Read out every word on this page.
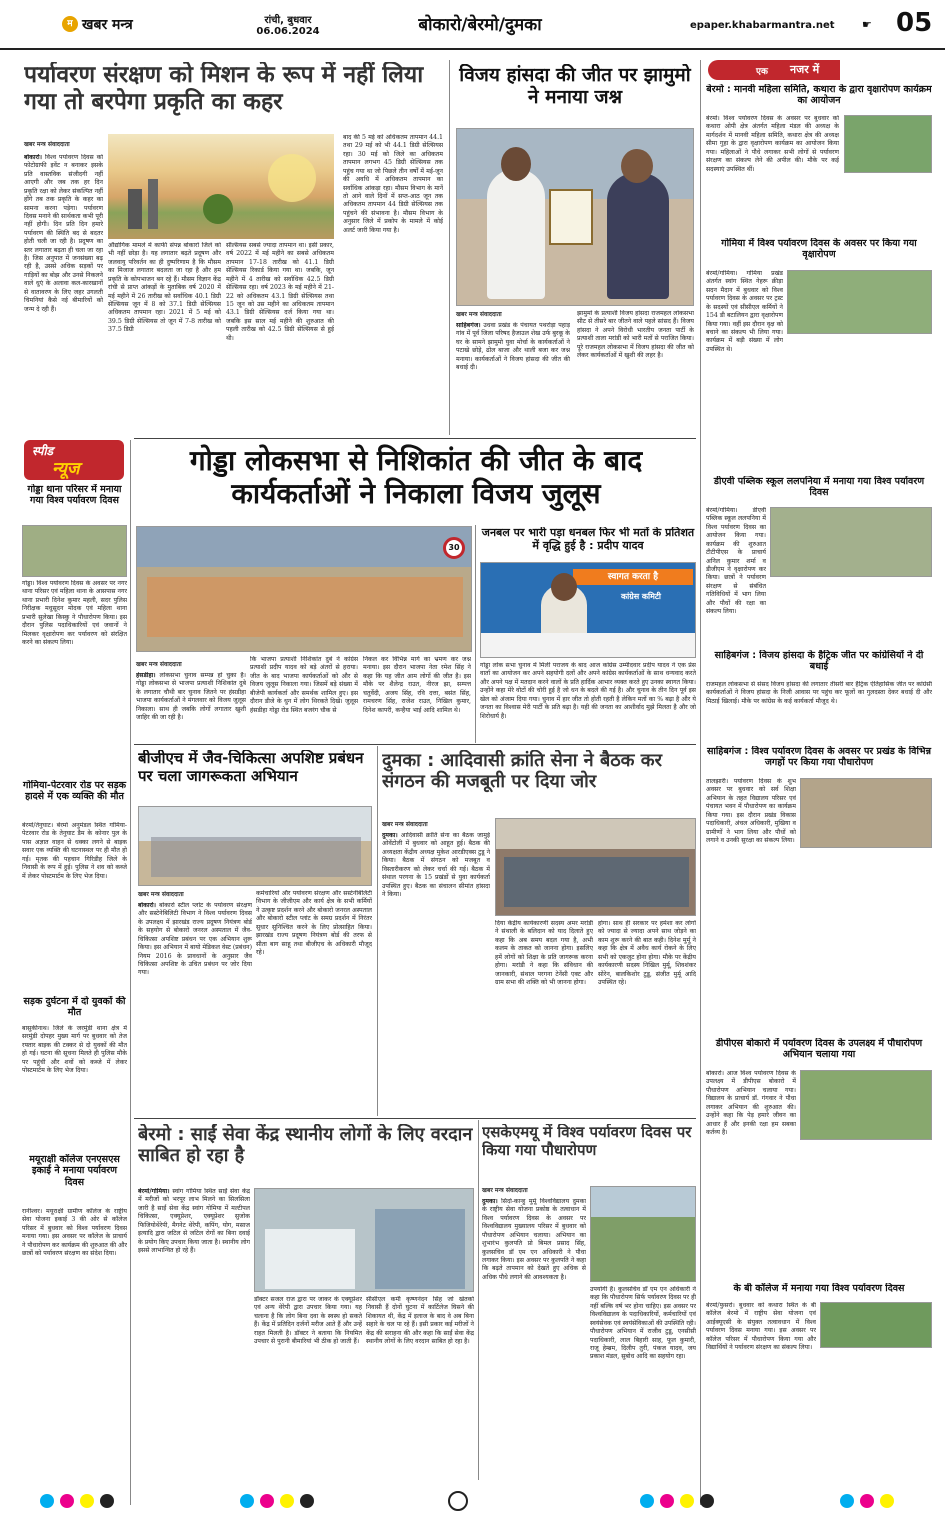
म खबर मन्त्र	रांची, बुधवार
06.06.2024	बोकारो/बेरमो/दुमका	epaper.khabarmantra.net ☛ 05
पर्यावरण संरक्षण को मिशन के रूप में नहीं लिया गया तो बरपेगा प्रकृति का कहर
खबर मन्त्र संवाददाता
बोकारो। विश्व पर्यावरण दिवस को फोटोग्राफी इवेंट न बनाकर इसके प्रति वास्तविक संजीदगी नहीं आएगी और जब तक हर दिन प्रकृति रक्षा को लेकर संकल्पित नहीं होंगे तब तक प्रकृति के कहर का सामना करना पड़ेगा। पर्यावरण दिवस मनाने की सार्थकता कभी पूरी नहीं होगी। दिन प्रति दिन हमारे पर्यावरण की स्थिति बद से बदतर होती चली जा रही है। प्रदूषण का स्तर लगातार बढ़ता ही चला जा रहा है। जिस अनुपात में जनसंख्या बढ़ रही है, उससे अधिक सड़कों पर गाड़ियों का बोझ और उनसे निकलने वाले धुएं के अलावा कल-कारखानों से वातावरण के लिए जहर उगलती चिमनियां कैसे नई बीमारियों को जन्म दे रही हैं।
औद्योगिक मामले में काफी संपन्न बोकारो जिले को भी नहीं छोड़ा है। यह लगातार बढ़ते प्रदूषण और जलवायु परिवर्तन का ही दुष्परिणाम है कि मौसम का मिजाज लगातार बदलता जा रहा है और हम प्रकृति के कोपभाजन बन रहे हैं। मौसम विज्ञान केंद्र रांची से प्राप्त आंकड़ों के मुताबिक वर्ष 2020 में मई महीने में 26 तारीख को सर्वाधिक 40.1 डिग्री सेल्सियस जून में 8 को 37.1 डिग्री सेल्सियस अधिकतम तापमान रहा। 2021 में 5 मई को 39.5 डिग्री सेल्सियस तो जून में 7-8 तारीख को 37.5 डिग्री
सेल्सियस सबसे ज्यादा तापमान था। इसी प्रकार, वर्ष 2022 में मई महीने का सबसे अधिकतम तापमान 17-18 तारीख को 41.1 डिग्री सेल्सियस रिकार्ड किया गया था। जबकि, जून महीने में 4 तारीख को सर्वाधिक 42.5 डिग्री सेल्सियस रहा। वर्ष 2023 के मई महीने में 21-22 को अधिकतम 43.1 डिग्री सेल्सियस तथा 15 जून को उस महीने का अधिकतम तापमान 43.1 डिग्री सेल्सियस दर्ज किया गया था। जबकि इस साल मई महीने की शुरुआत की पहली तारीख को 42.5 डिग्री सेल्सियस से हुई थी।
बाद की 5 मई को अधिकतम तापमान 44.1 तथा 29 मई को भी 44.1 डिग्री सेल्सियस रहा। 30 मई को जिले का अधिकतम तापमान लगभग 45 डिग्री सेल्सियस तक पहुंच गया था जो पिछले तीन वर्षों में मई-जून की अवधि में अधिकतम तापमान का सर्वाधिक आंकड़ा रहा। मौसम विभाग के मानें तो आने वाले दिनों में सप्त-आठ जून तक अधिकतम तापमान 44 डिग्री सेल्सियस तक पहुंचने की संभावना है। मौसम विभाग के अनुसार जिले में प्रकोप के मामले में कोई अलर्ट जारी किया गया है।
विजय हांसदा की जीत पर झामुमो ने मनाया जश्न
खबर मन्त्र संवाददाता
साहिबगंज। उधवा प्रखंड के पंचायत पथरोड़ा पहाड़ गांव में पूर्व जिला परिषद हैजाउल शेख उर्फ बुरकू के घर के सामने झामुमो युवा मोर्चा के कार्यकर्ताओं ने पटाखे छोड़े, ढोल बाजा और थाली बजा कर जश्न मनाया। कार्यकर्ताओं ने विजय हांसदा की जीत की बधाई दी।
झामुमो के प्रत्याशी विजय हांसदा राजमहल लोकसभा सीट से तीसरे बार जीतने वाले पहले सांसद हैं। विजय हांसदा ने अपने विरोधी भारतीय जनता पार्टी के प्रत्याशी ताला मरांडी को भारी मतों से पराजित किया। पूरे राजमहल लोकसभा में विजय हांसदा की जीत को लेकर कार्यकर्ताओं में खुशी की लहर है।
एक नजर में
बेरमो : मानवी महिला समिति, कथारा के द्वारा वृक्षारोपण कार्यक्रम का आयोजन
बेरमो। विश्व पर्यावरण दिवस के अवसर पर बुधवार को कथारा ओपी क्षेत्र अंतर्गत महिला मंडल की अध्यक्ष के मार्गदर्शन में मानवी महिला समिति, कथारा क्षेत्र की अध्यक्ष सीमा गुहा के द्वारा वृक्षारोपण कार्यक्रम का आयोजन किया गया। महिलाओं ने पौधे लगाकर सभी लोगों से पर्यावरण संरक्षण का संकल्प लेने की अपील की। मौके पर कई सदस्याएं उपस्थित थीं।
गोमिया में विश्व पर्यावरण दिवस के अवसर पर किया गया वृक्षारोपण
बेरमो/गोमिया। गोमिया प्रखंड अंतर्गत स्वांग स्थित नेहरू क्रीड़ा सदन मैदान में बुधवार को विश्व पर्यावरण दिवस के अवसर पर ट्रस्ट के सदस्यों एवं सीसीएल कर्मियों ने 154 डी बटालियन द्वारा वृक्षारोपण किया गया। वहीं इस दौरान वृक्ष को बचाने का संकल्प भी लिया गया। कार्यक्रम में बड़ी संख्या में लोग उपस्थित थे।
डीएवी पब्लिक स्कूल ललपनिया में मनाया गया विश्व पर्यावरण दिवस
बेरमो/गोमिया। डीएवी पब्लिक स्कूल ललपनिया में विश्व पर्यावरण दिवस का आयोजन किया गया। कार्यक्रम की शुरुआत टीटीपीएस के प्राचार्य अनिल कुमार शर्मा व डीजीएम ने वृक्षारोपण कर किया। छात्रों ने पर्यावरण संरक्षण से संबंधित गतिविधियों में भाग लिया और पौधों की रक्षा का संकल्प लिया।
साहिबगंज : विजय हांसदा के हैट्रिक जीत पर कांग्रेसियों ने दी बधाई
राजमहल लोकसभा से संसद विजय हांसदा की लगातार तीसरी बार हैट्रिक ऐतिहासिक जीत पर कांग्रेसी कार्यकर्ताओं ने विजय हांसदा के निजी आवास पर पहुंच कर फूलों का गुलदस्ता देकर बधाई दी और मिठाई खिलाई। मौके पर कांग्रेस के कई कार्यकर्ता मौजूद थे।
साहिबगंज : विश्व पर्यावरण दिवस के अवसर पर प्रखंड के विभिन्न जगहों पर किया गया पौधारोपण
तालझारी। पर्यावरण दिवस के शुभ अवसर पर बुधवार को सर्व शिक्षा अभियान के तहत विद्यालय परिसर एवं पंचायत भवन में पौधारोपण का कार्यक्रम किया गया। इस दौरान प्रखंड विकास पदाधिकारी, अंचल अधिकारी, मुखिया व ग्रामीणों ने भाग लिया और पौधों को लगाने व उनकी सुरक्षा का संकल्प लिया।
डीपीएस बोकारो में पर्यावरण दिवस के उपलक्ष्य में पौधारोपण अभियान चलाया गया
बोकारो। आज विश्व पर्यावरण दिवस के उपलक्ष्य में डीपीएस बोकारो में पौधारोपण अभियान चलाया गया। विद्यालय के प्राचार्य डॉ. गंगवार ने पौधा लगाकर अभियान की शुरुआत की। उन्होंने कहा कि पेड़ हमारे जीवन का आधार हैं और इनकी रक्षा हम सबका कर्तव्य है।
के बी कॉलेज में मनाया गया विश्व पर्यावरण दिवस
बेरमो/फुसरो। बुधवार को कथारा स्थित के बी कॉलेज बेरमो में राष्ट्रीय सेवा योजना एवं आईक्यूएसी के संयुक्त तत्वावधान में विश्व पर्यावरण दिवस मनाया गया। इस अवसर पर कॉलेज परिसर में पौधारोपण किया गया और विद्यार्थियों ने पर्यावरण संरक्षण का संकल्प लिया।
स्पीड
न्यूज
गोड्डा थाना परिसर में मनाया गया विश्व पर्यावरण दिवस
गोड्डा। विश्व पर्यावरण दिवस के अवसर पर नगर थाना परिसर एवं महिला थाना के आसपास नगर थाना प्रभारी दिनेश कुमार महली, सदर पुलिस निरीक्षक मधुसूदन मोदक एवं महिला थाना प्रभारी सुलेखा किस्कु ने पौधारोपण किया। इस दौरान पुलिस पदाधिकारियों एवं जवानों ने मिलकर वृक्षारोपण कर पर्यावरण को संरक्षित करने का संकल्प लिया।
गोमिया-पेटरवार रोड पर सड़क हादसे में एक व्यक्ति की मौत
बेरमो/तेनुघाट। बेरमो अनुमंडल स्थित गोमिया-पेटरवार रोड के तेनुघाट डैम के कोनार पुल के पास अज्ञात वाहन से धक्का लगने से बाइक सवार एक व्यक्ति की घटनास्थल पर ही मौत हो गई। मृतक की पहचान गिरिडीह जिले के निवासी के रूप में हुई। पुलिस ने शव को कब्जे में लेकर पोस्टमार्टम के लिए भेज दिया।
सड़क दुर्घटना में दो युवकों की मौत
बासुकीनाथ। जिले के जरमुंडी थाना क्षेत्र में सरमुंडी दोपहर मुख्य मार्ग पर बुधवार को तेज रफ्तार बाइक की टक्कर से दो युवकों की मौत हो गई। घटना की सूचना मिलते ही पुलिस मौके पर पहुंची और शवों को कब्जे में लेकर पोस्टमार्टम के लिए भेज दिया।
मयूराक्षी कॉलेज एनएसएस इकाई ने मनाया पर्यावरण दिवस
रानीश्वर। मयूराक्षी ग्रामीण कॉलेज के राष्ट्रीय सेवा योजना इकाई 3 की ओर से कॉलेज परिसर में बुधवार को विश्व पर्यावरण दिवस मनाया गया। इस अवसर पर कॉलेज के प्राचार्य ने पौधारोपण कर कार्यक्रम की शुरुआत की और छात्रों को पर्यावरण संरक्षण का संदेश दिया।
गोड्डा लोकसभा से निशिकांत की जीत के बाद कार्यकर्ताओं ने निकाला विजय जुलूस
30
खबर मन्त्र संवाददाता
हंसडीहा। लोकसभा चुनाव सम्पन्न हो चुका है। गोड्डा लोकसभा से भाजपा प्रत्याशी निशिकांत दुबे के लगातार चौथी बार चुनाव जितने पर हंसडीहा भाजपा कार्यकर्ताओं ने मंगलवार को विजय जुलूस निकाला। साथ ही जबकि लोगों लगातार खुशी जाहिर की जा रही है।
कि भाजपा प्रत्याशी निशिकांत दुबे ने कांग्रेस प्रत्याशी प्रदीप यादव को बड़े अंतरों से हराया। जीत के बाद भाजपा कार्यकर्ताओं को और से विजय जुलूस निकाला गया। जिसमें बड़े संख्या में बीजेपी कार्यकर्ता और समर्थक शामिल हुए। इस दौरान डीजे के धुन में लोग थिरकते दिखे। जुलूस हंसडीहा गोड्डा रोड स्थित बजरंग चौक से
निकल कर विभिन्न मार्ग का भ्रमण कर जश्न मनाया। इस दौरान भाजपा नेता रमेश सिंह ने कहा कि यह जीत आम लोगों की जीत है। इस मौके पर शैलेन्द्र राउत, नीरज झा, सम्पत्त चतुर्वेदी, अजय सिंह, रवि दत्ता, बसंत सिंह, रामचरण सिंह, राजेश राउत, निखिल कुमार, दिनेश कापरी, कन्हैया भाई आदि शामिल थे।
जनबल पर भारी पड़ा धनबल फिर भी मतों के प्रतिशत में वृद्धि हुई है : प्रदीप यादव
स्वागत करता है
कांग्रेस कमिटी
गोड्डा लोक सभा चुनाव में मिली पराजय के बाद आज कांग्रेस उम्मीदवार प्रदीप यादव ने एक प्रेस वार्ता का आयोजन कर अपने सहयोगी दलों और अपने कांग्रेस कार्यकर्ताओं के साथ धन्यवाद करते और अपने पक्ष में मतदान करने वालों के प्रति हार्दिक आभार व्यक्त करते हुए उनका स्वागत किया। उन्होंने कहा मेरे वोटों की चोरी हुई है जो धन के बदले की गई है। और चुनाव के तीन दिन पूर्व इस खेल को अंजाम दिया गया। चुनाव में हार जीत तो होती रहती है लेकिन मतों का % बढ़ा है और ये जनता का विश्वास मेरी पार्टी के प्रति बढ़ा है। यही की जनता का आशीर्वाद मुझे मिलता है और जो शिरोधार्य है।
बीजीएच में जैव-चिकित्सा अपशिष्ट प्रबंधन पर चला जागरूकता अभियान
खबर मन्त्र संवाददाता
बोकारो। बोकारो स्टील प्लांट के पर्यावरण संरक्षण और सस्टेनेबिलिटी विभाग ने विश्व पर्यावरण दिवस के उपलक्ष्य में झारखंड राज्य प्रदूषण नियंत्रण बोर्ड के सहयोग से बोकारो जनरल अस्पताल में जैव-चिकित्सा अपशिष्ट प्रबंधन पर एक अभियान शुरू किया। इस अभियान में बायो मेडिकल वेस्ट (प्रबंधन) नियम 2016 के प्रावधानों के अनुसार जैव चिकित्सा अपशिष्ट के उचित प्रबंधन पर जोर दिया गया।
कर्मचारियों और पर्यावरण संरक्षण और सस्टेनेबिलिटी विभाग के जीजीएम और कार्य क्षेत्र के सभी कर्मियों ने उत्कृष्ट प्रदर्शन करने और बोकारो जनरल अस्पताल और बोकारो स्टील प्लांट के समग्र प्रदर्शन में निरंतर सुधार सुनिश्चित करने के लिए प्रोत्साहित किया। झारखंड राज्य प्रदूषण नियंत्रण बोर्ड की तरफ से सीता बाग साहू तथा बीजीएच के अधिकारी मौजूद रहे।
दुमका : आदिवासी क्रांति सेना ने बैठक कर संगठन की मजबूती पर दिया जोर
खबर मन्त्र संवाददाता
दुमका। आदिवासी क्रांति सेना का बैठक जामुई ओवेंटोली में बुधवार को आहूत हुई। बैठक की अध्यक्षता केंद्रीय अध्यक्ष मुकेश आरडीएक्स टुडू ने किया। बैठक में संगठन को मजबूत व विस्तारीकरण को लेकर चर्चा की गई। बैठक में संथाल परगना के 15 प्रखंडों से युवा कार्यकर्ता उपस्थित हुए। बैठक का संचालन सीमांत हांसदा ने किया।
दिया केंद्रीय कार्यकारणी सदस्य अमर मरांडी ने संथाली के बलिदान को याद दिलाते हुए कहा कि अब समय बदल गया है, अभी कलम के ताकत को जानना होगा। इसलिए हमें लोगों को शिक्षा के प्रति जागरूक करना होगा। मरांडी ने कहा कि संविधान की जानकारी, संथाल परगना टेनेंसी एक्ट और ग्राम सभा की शक्ति को भी जानना होगा।
होगा। साथ ही सरकार पर हमेशा कर लोगों को ज्यादा से ज्यादा अपने साथ जोड़ने का काम शुरू करने की बात कही। दिनेश मुर्मू ने कहा कि क्षेत्र में अवैध कार्य रोकने के लिए सभी को एकजुट होना होगा। मौके पर केंद्रीय कार्यकारणी सदस्य निखिल मुर्मू, शिवशंकर सोरेन, बालकिशोर टुडू, संजीत मुर्मू आदि उपस्थित रहे।
बेरमो : साईं सेवा केंद्र स्थानीय लोगों के लिए वरदान साबित हो रहा है
बेरमो/गोमिया। स्वांग गोमिया स्थित साईं सेवा केंद्र में मरीजों को भरपूर लाभ मिलने का सिलसिला जारी है साईं सेवा केंद्र स्वांग गोमिया में मल्टीपल चिकित्सा, एक्यूप्रेशर, एक्यूप्रेशर सुजोक फिजियोथेरेपी, मैगनेट थेरेपी, कपिंग, योग, मसाज इत्यादि द्वारा जटिल से जटिल रोगों का बिना दवाई के प्रयोग किए उपचार किया जाता है। स्थानीय लोग इससे लाभान्वित हो रहे हैं।
डॉक्टर सजल राज द्वारा पर जाकर के एक्यूप्रेशर एवं अन्य थेरेपी द्वारा उपचार किया गया। यह चलाना है कि लोग बिना दवा के स्वस्थ हो सकते हैं। केंद्र में प्रतिदिन दर्जनों मरीज आते हैं और उन्हें राहत मिलती है। डॉक्टर ने बताया कि नियमित उपचार से पुरानी बीमारियां भी ठीक हो जाती हैं।
सीसीएल कर्मी कृष्णनंदन सिंह जो खेतको निवासी हैं दोनों घुटना में कार्टिलेज घिसने की शिकायत थी, केंद्र में इलाज के बाद वे अब बिना सहारे के चल पा रहे हैं। इसी प्रकार कई मरीजों ने केंद्र की सराहना की और कहा कि साईं सेवा केंद्र स्थानीय लोगों के लिए वरदान साबित हो रहा है।
एसकेएमयू में विश्व पर्यावरण दिवस पर किया गया पौधारोपण
खबर मन्त्र संवाददाता
दुमका। सिदो-कान्हु मुर्मू विश्वविद्यालय दुमका के राष्ट्रीय सेवा योजना प्रकोष्ठ के तत्वाधान में विश्व पर्यावरण दिवस के अवसर पर विश्वविद्यालय मुख्यालय परिसर में बुधवार को पौधारोपण अभियान चलाया। अभियान का शुभारंभ कुलपति प्रो बिमल प्रसाद सिंह, कुलसचिव डॉ एम एन अधिकारी ने पौधा लगाकर किया। इस अवसर पर कुलपति ने कहा कि बढ़ते तापमान को देखते हुए अधिक से अधिक पौधे लगाने की आवश्यकता है।
उपयोगी है। कुलसचिव डॉ एम एन अधिकारी ने कहा कि पौधारोपण सिर्फ पर्यावरण दिवस पर ही नहीं बल्कि वर्ष भर होना चाहिए। इस अवसर पर विश्वविद्यालय के पदाधिकारियों, कर्मचारियों एवं स्वयंसेवक एवं स्वयंसेविकाओं की उपस्थिति रही। पौधारोपण अभियान में राजीव टुडू, एनसीसी पदाधिकारी, लाल बिहारी साह, फूल कुमारी, राजू हेम्ब्रम, दिलीप तुरी, पंकज यादव, जय प्रकाश मंडल, सुबोध आदि का सहयोग रहा।
